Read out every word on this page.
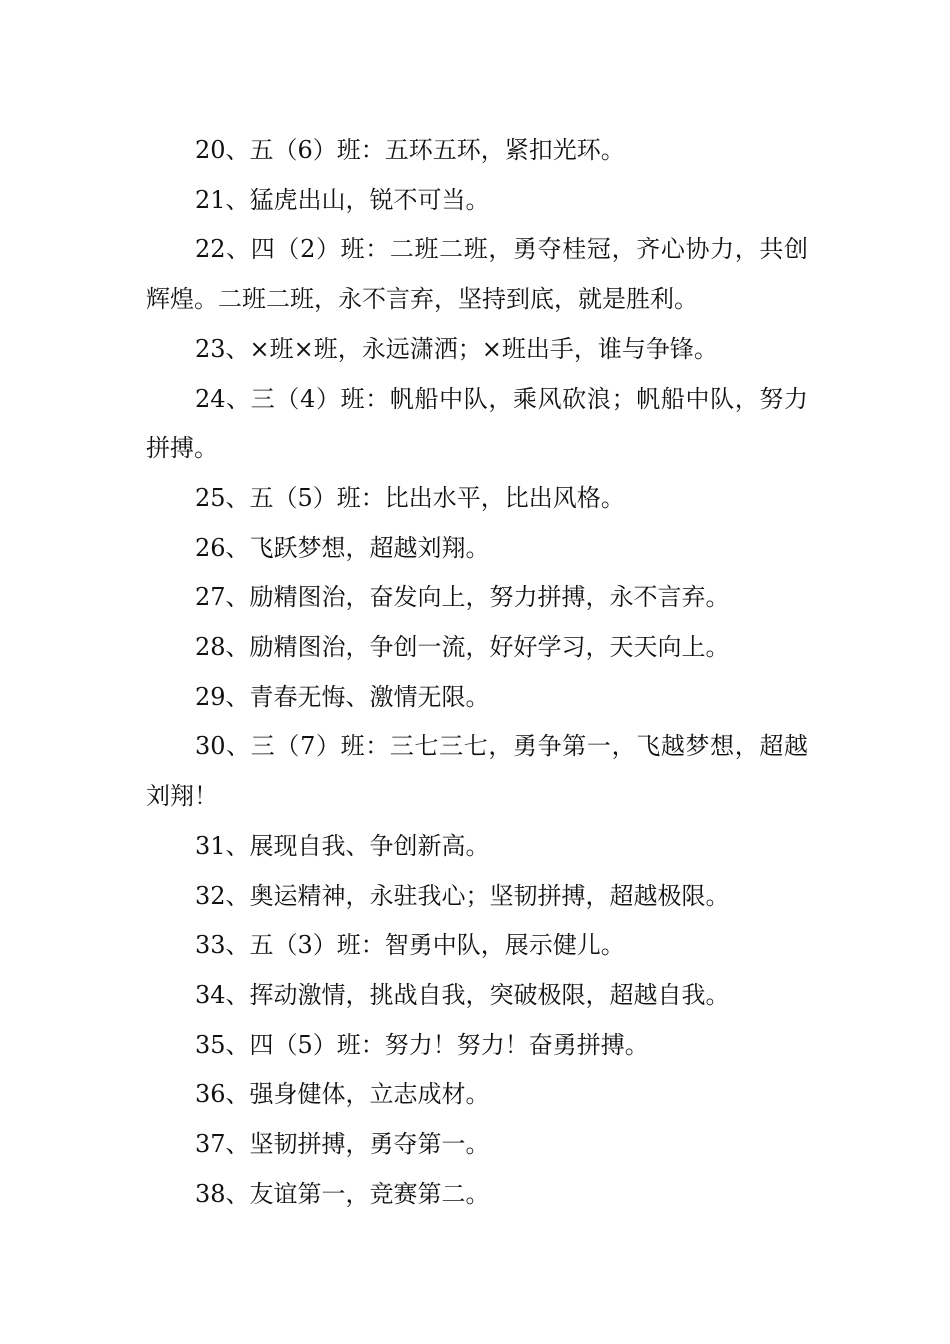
20、五（6）班：五环五环，紧扣光环。

21、猛虎出山，锐不可当。

22、四（2）班：二班二班，勇夺桂冠，齐心协力，共创辉煌。二班二班，永不言弃，坚持到底，就是胜利。

23、×班×班，永远潇洒；×班出手，谁与争锋。

24、三（4）班：帆船中队，乘风砍浪；帆船中队，努力拼搏。

25、五（5）班：比出水平，比出风格。

26、飞跃梦想，超越刘翔。

27、励精图治，奋发向上，努力拼搏，永不言弃。

28、励精图治，争创一流，好好学习，天天向上。

29、青春无悔、激情无限。

30、三（7）班：三七三七，勇争第一，飞越梦想，超越刘翔！

31、展现自我、争创新高。

32、奥运精神，永驻我心；坚韧拼搏，超越极限。

33、五（3）班：智勇中队，展示健儿。

34、挥动激情，挑战自我，突破极限，超越自我。

35、四（5）班：努力！努力！奋勇拼搏。

36、强身健体，立志成材。

37、坚韧拼搏，勇夺第一。

38、友谊第一，竞赛第二。
